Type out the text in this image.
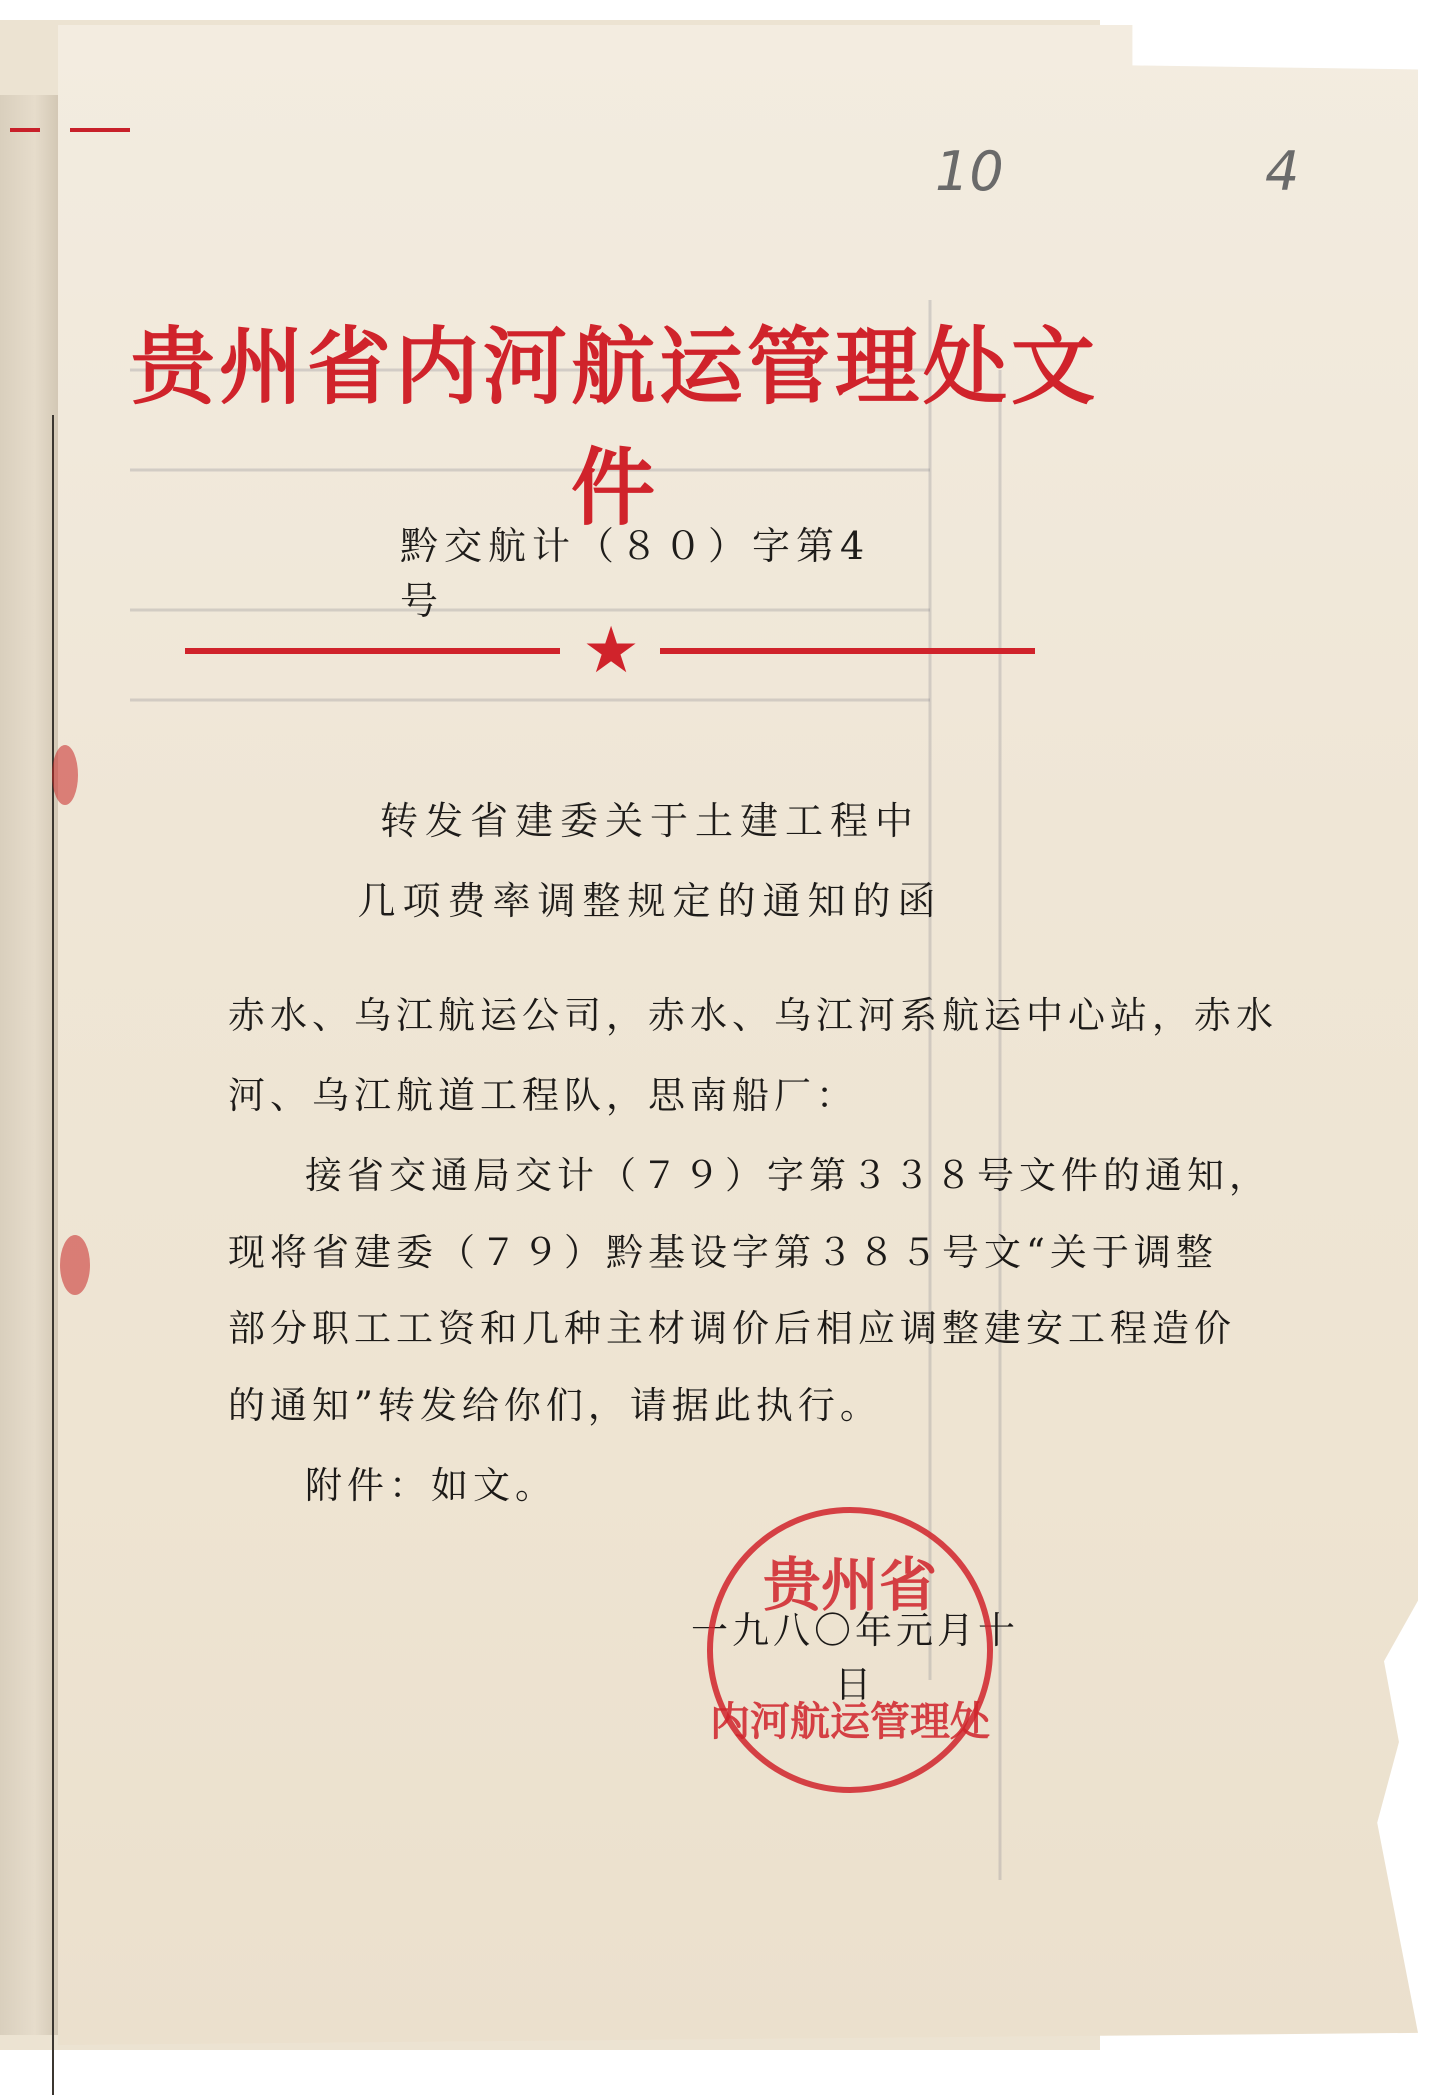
10	4
贵州省内河航运管理处文件
黔交航计（８０）字第4号
★
转发省建委关于土建工程中
几项费率调整规定的通知的函
赤水、乌江航运公司，赤水、乌江河系航运中心站，赤水
河、乌江航道工程队，思南船厂：
接省交通局交计（７９）字第３３８号文件的通知，
现将省建委（７９）黔基设字第３８５号文“关于调整
部分职工工资和几种主材调价后相应调整建安工程造价
的通知”转发给你们，请据此执行。
附件：如文。
一九八〇年元月十日
贵州省
内河航运管理处
